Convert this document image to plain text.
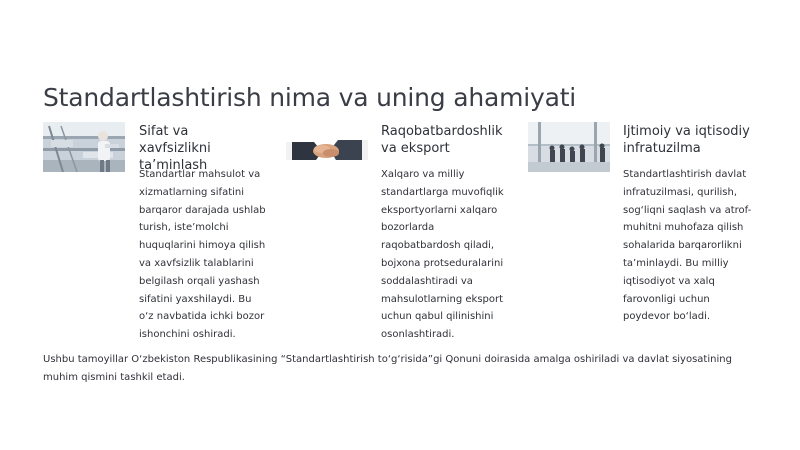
Standartlashtirish nima va uning ahamiyati
Sifat va xavfsizlikni ta’minlash
Standartlar mahsulot va xizmatlarning sifatini barqaror darajada ushlab turish, iste’molchi huquqlarini himoya qilish va xavfsizlik talablarini belgilash orqali yashash sifatini yaxshilaydi. Bu o‘z navbatida ichki bozor ishonchini oshiradi.
Raqobatbardoshlik va eksport
Xalqaro va milliy standartlarga muvofiqlik eksportyorlarni xalqaro bozorlarda raqobatbardosh qiladi, bojxona protseduralarini soddalashtiradi va mahsulotlarning eksport uchun qabul qilinishini osonlashtiradi.
Ijtimoiy va iqtisodiy infratuzilma
Standartlashtirish davlat infratuzilmasi, qurilish, sog‘liqni saqlash va atrof-muhitni muhofaza qilish sohalarida barqarorlikni ta’minlaydi. Bu milliy iqtisodiyot va xalq farovonligi uchun poydevor bo‘ladi.
Ushbu tamoyillar O‘zbekiston Respublikasining “Standartlashtirish to‘g‘risida”gi Qonuni doirasida amalga oshiriladi va davlat siyosatining muhim qismini tashkil etadi.
